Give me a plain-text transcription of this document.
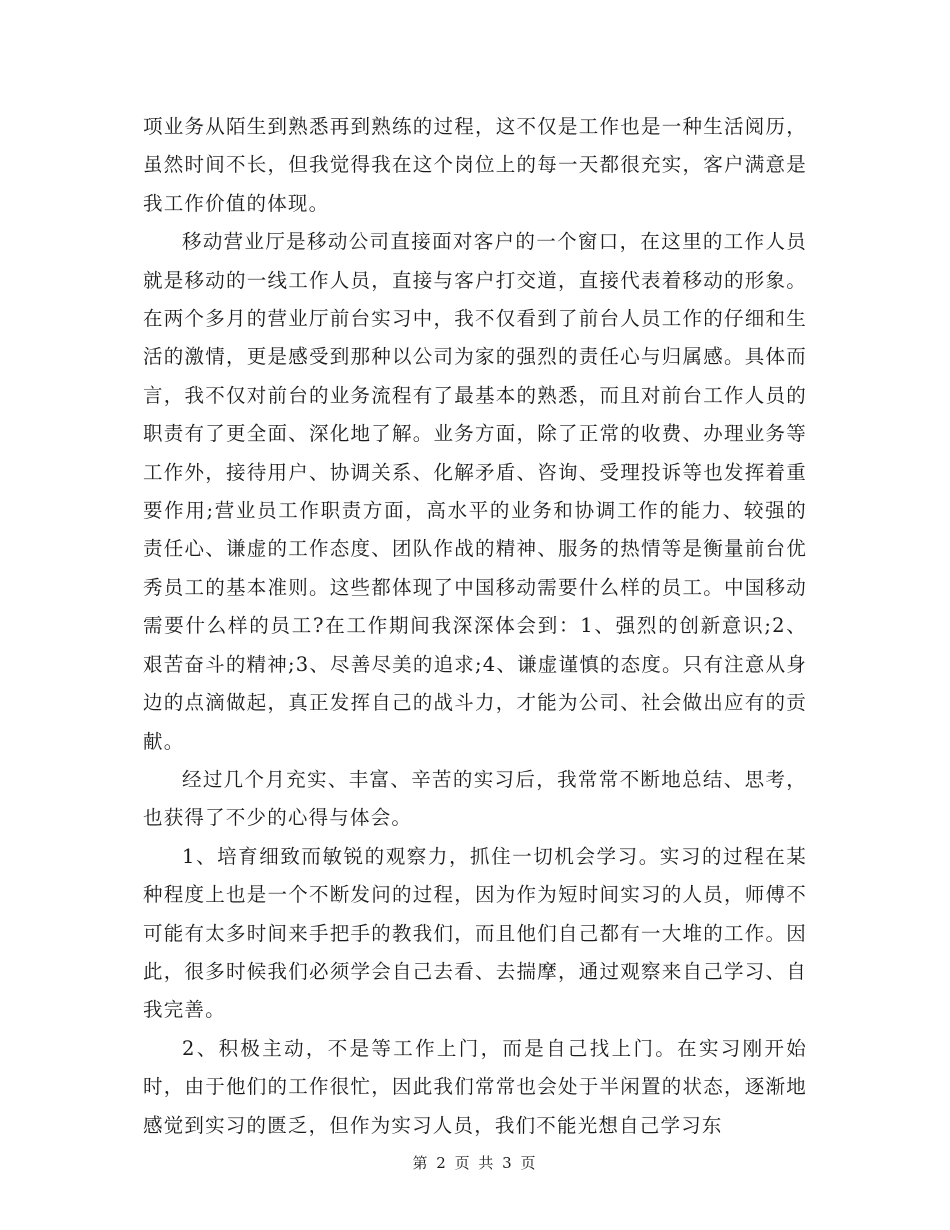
项业务从陌生到熟悉再到熟练的过程，这不仅是工作也是一种生活阅历，虽然时间不长，但我觉得我在这个岗位上的每一天都很充实，客户满意是我工作价值的体现。

移动营业厅是移动公司直接面对客户的一个窗口，在这里的工作人员就是移动的一线工作人员，直接与客户打交道，直接代表着移动的形象。在两个多月的营业厅前台实习中，我不仅看到了前台人员工作的仔细和生活的激情，更是感受到那种以公司为家的强烈的责任心与归属感。具体而言，我不仅对前台的业务流程有了最基本的熟悉，而且对前台工作人员的职责有了更全面、深化地了解。业务方面，除了正常的收费、办理业务等工作外，接待用户、协调关系、化解矛盾、咨询、受理投诉等也发挥着重要作用;营业员工作职责方面，高水平的业务和协调工作的能力、较强的责任心、谦虚的工作态度、团队作战的精神、服务的热情等是衡量前台优秀员工的基本准则。这些都体现了中国移动需要什么样的员工。中国移动需要什么样的员工?在工作期间我深深体会到：1、强烈的创新意识;2、艰苦奋斗的精神;3、尽善尽美的追求;4、谦虚谨慎的态度。只有注意从身边的点滴做起，真正发挥自己的战斗力，才能为公司、社会做出应有的贡献。

经过几个月充实、丰富、辛苦的实习后，我常常不断地总结、思考，也获得了不少的心得与体会。

1、培育细致而敏锐的观察力，抓住一切机会学习。实习的过程在某种程度上也是一个不断发问的过程，因为作为短时间实习的人员，师傅不可能有太多时间来手把手的教我们，而且他们自己都有一大堆的工作。因此，很多时候我们必须学会自己去看、去揣摩，通过观察来自己学习、自我完善。

2、积极主动，不是等工作上门，而是自己找上门。在实习刚开始时，由于他们的工作很忙，因此我们常常也会处于半闲置的状态，逐渐地感觉到实习的匮乏，但作为实习人员，我们不能光想自己学习东

第 2 页 共 3 页
